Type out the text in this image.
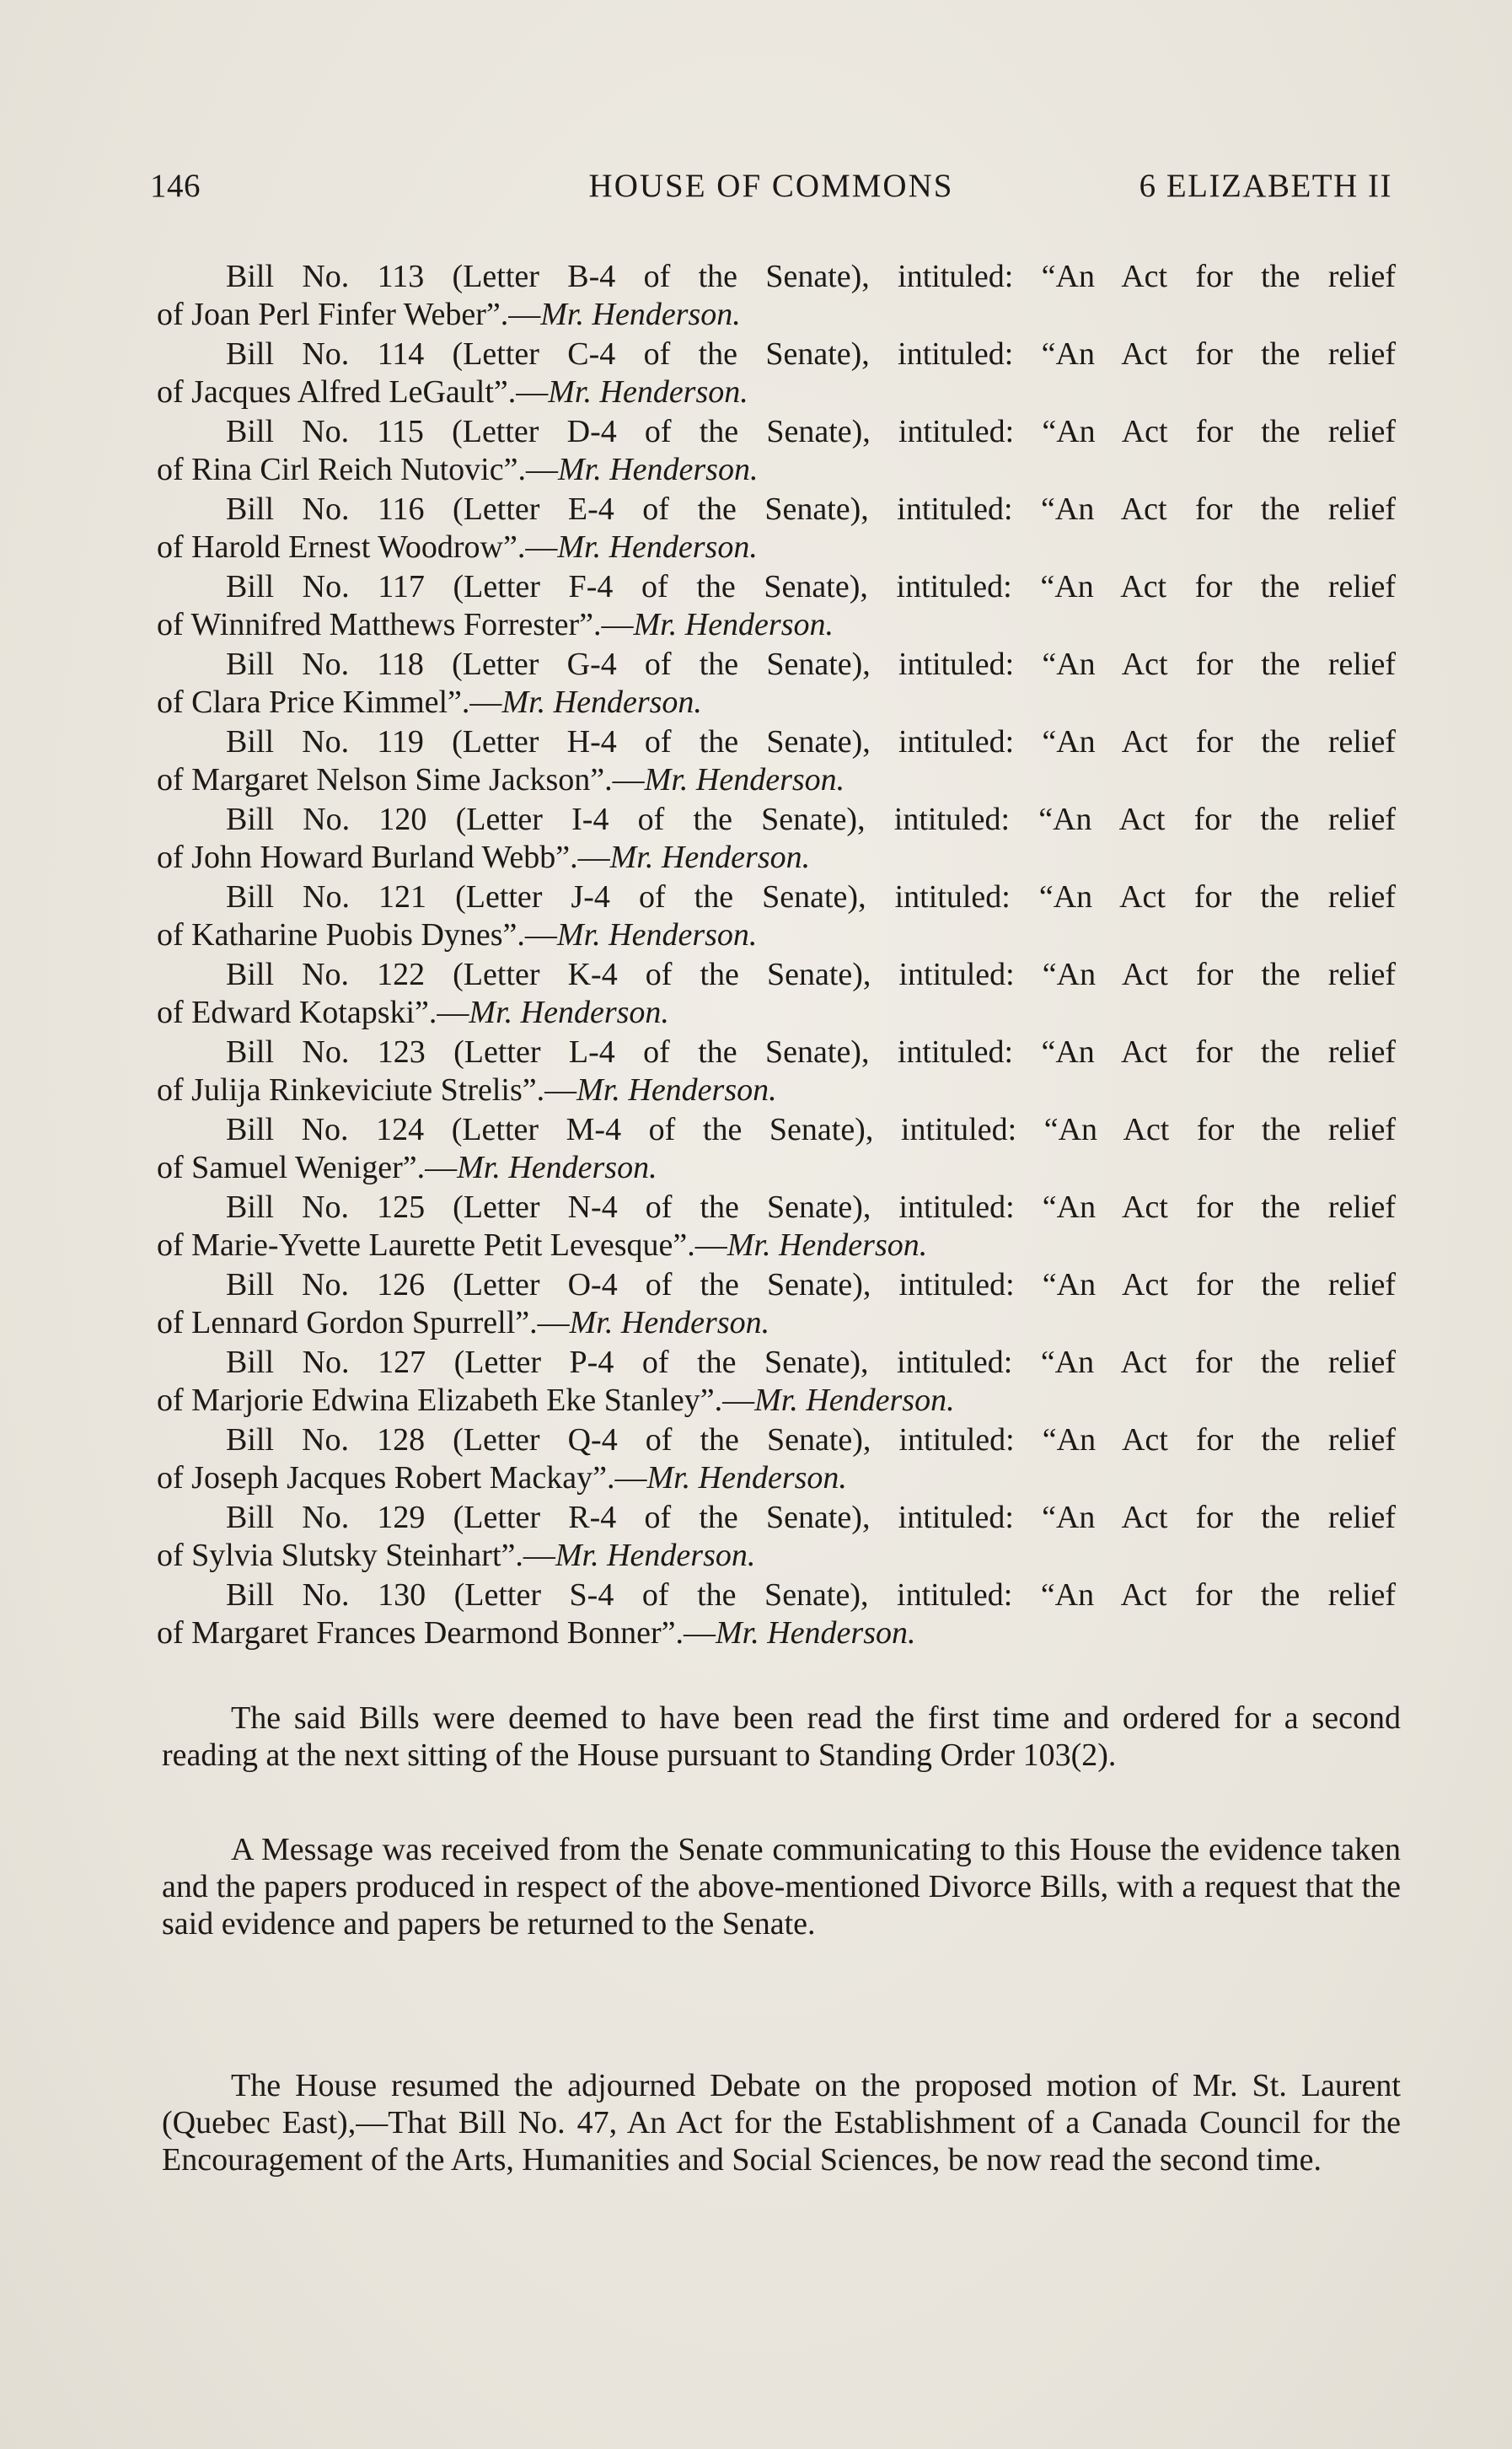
146	HOUSE OF COMMONS	6 ELIZABETH II
Bill No. 113 (Letter B-4 of the Senate), intituled: “An Act for the relief
of Joan Perl Finfer Weber”.—Mr. Henderson.
Bill No. 114 (Letter C-4 of the Senate), intituled: “An Act for the relief
of Jacques Alfred LeGault”.—Mr. Henderson.
Bill No. 115 (Letter D-4 of the Senate), intituled: “An Act for the relief
of Rina Cirl Reich Nutovic”.—Mr. Henderson.
Bill No. 116 (Letter E-4 of the Senate), intituled: “An Act for the relief
of Harold Ernest Woodrow”.—Mr. Henderson.
Bill No. 117 (Letter F-4 of the Senate), intituled: “An Act for the relief
of Winnifred Matthews Forrester”.—Mr. Henderson.
Bill No. 118 (Letter G-4 of the Senate), intituled: “An Act for the relief
of Clara Price Kimmel”.—Mr. Henderson.
Bill No. 119 (Letter H-4 of the Senate), intituled: “An Act for the relief
of Margaret Nelson Sime Jackson”.—Mr. Henderson.
Bill No. 120 (Letter I-4 of the Senate), intituled: “An Act for the relief
of John Howard Burland Webb”.—Mr. Henderson.
Bill No. 121 (Letter J-4 of the Senate), intituled: “An Act for the relief
of Katharine Puobis Dynes”.—Mr. Henderson.
Bill No. 122 (Letter K-4 of the Senate), intituled: “An Act for the relief
of Edward Kotapski”.—Mr. Henderson.
Bill No. 123 (Letter L-4 of the Senate), intituled: “An Act for the relief
of Julija Rinkeviciute Strelis”.—Mr. Henderson.
Bill No. 124 (Letter M-4 of the Senate), intituled: “An Act for the relief
of Samuel Weniger”.—Mr. Henderson.
Bill No. 125 (Letter N-4 of the Senate), intituled: “An Act for the relief
of Marie-Yvette Laurette Petit Levesque”.—Mr. Henderson.
Bill No. 126 (Letter O-4 of the Senate), intituled: “An Act for the relief
of Lennard Gordon Spurrell”.—Mr. Henderson.
Bill No. 127 (Letter P-4 of the Senate), intituled: “An Act for the relief
of Marjorie Edwina Elizabeth Eke Stanley”.—Mr. Henderson.
Bill No. 128 (Letter Q-4 of the Senate), intituled: “An Act for the relief
of Joseph Jacques Robert Mackay”.—Mr. Henderson.
Bill No. 129 (Letter R-4 of the Senate), intituled: “An Act for the relief
of Sylvia Slutsky Steinhart”.—Mr. Henderson.
Bill No. 130 (Letter S-4 of the Senate), intituled: “An Act for the relief
of Margaret Frances Dearmond Bonner”.—Mr. Henderson.

The said Bills were deemed to have been read the first time and ordered for a second reading at the next sitting of the House pursuant to Standing Order 103(2).

A Message was received from the Senate communicating to this House the evidence taken and the papers produced in respect of the above-mentioned Divorce Bills, with a request that the said evidence and papers be returned to the Senate.

The House resumed the adjourned Debate on the proposed motion of Mr. St. Laurent (Quebec East),—That Bill No. 47, An Act for the Establishment of a Canada Council for the Encouragement of the Arts, Humanities and Social Sciences, be now read the second time.
